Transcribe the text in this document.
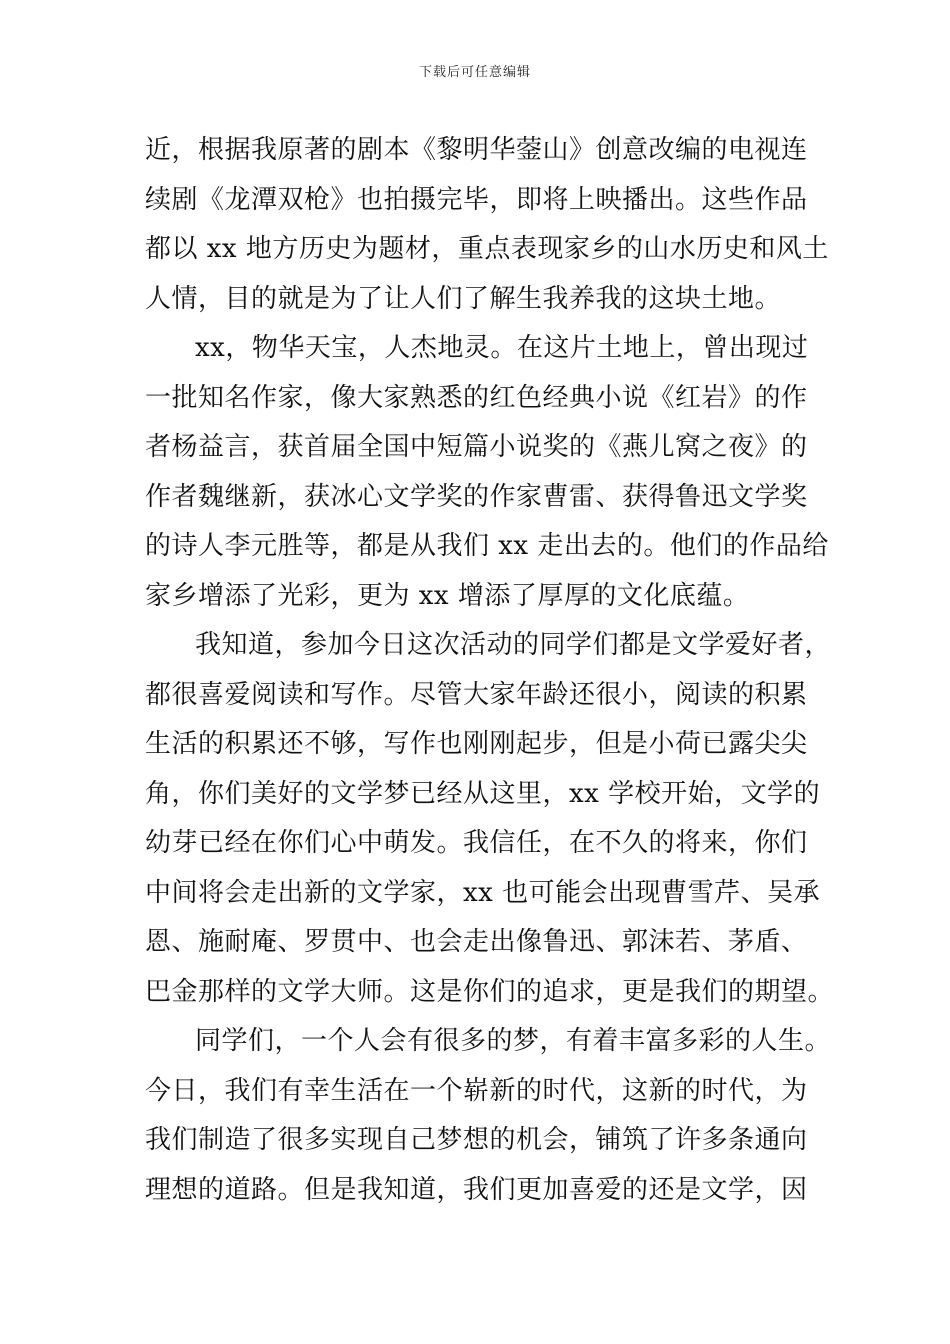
下载后可任意编辑
近，根据我原著的剧本《黎明华蓥山》创意改编的电视连
续剧《龙潭双枪》也拍摄完毕，即将上映播出。这些作品
都以 xx 地方历史为题材，重点表现家乡的山水历史和风土
人情，目的就是为了让人们了解生我养我的这块土地。
xx，物华天宝，人杰地灵。在这片土地上，曾出现过
一批知名作家，像大家熟悉的红色经典小说《红岩》的作
者杨益言，获首届全国中短篇小说奖的《燕儿窝之夜》的
作者魏继新，获冰心文学奖的作家曹雷、获得鲁迅文学奖
的诗人李元胜等，都是从我们 xx 走出去的。他们的作品给
家乡增添了光彩，更为 xx 增添了厚厚的文化底蕴。
我知道，参加今日这次活动的同学们都是文学爱好者，
都很喜爱阅读和写作。尽管大家年龄还很小，阅读的积累
生活的积累还不够，写作也刚刚起步，但是小荷已露尖尖
角，你们美好的文学梦已经从这里，xx 学校开始，文学的
幼芽已经在你们心中萌发。我信任，在不久的将来，你们
中间将会走出新的文学家，xx 也可能会出现曹雪芹、吴承
恩、施耐庵、罗贯中、也会走出像鲁迅、郭沫若、茅盾、
巴金那样的文学大师。这是你们的追求，更是我们的期望。
同学们，一个人会有很多的梦，有着丰富多彩的人生。
今日，我们有幸生活在一个崭新的时代，这新的时代，为
我们制造了很多实现自己梦想的机会，铺筑了许多条通向
理想的道路。但是我知道，我们更加喜爱的还是文学，因
